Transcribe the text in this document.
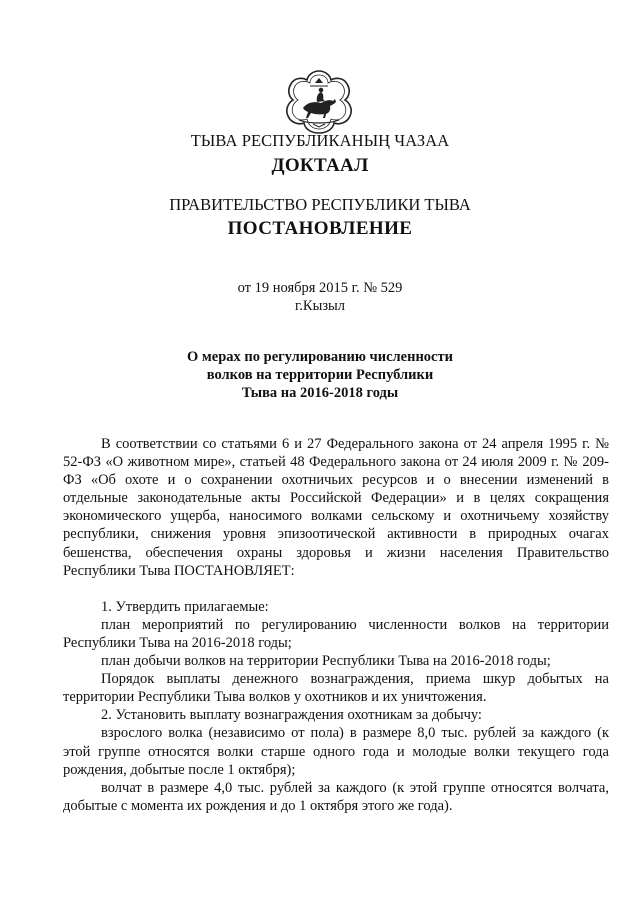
ТЫВА РЕСПУБЛИКАНЫҢ ЧАЗАА
ДОКТААЛ
ПРАВИТЕЛЬСТВО РЕСПУБЛИКИ ТЫВА
ПОСТАНОВЛЕНИЕ
от 19 ноября 2015 г. № 529
г.Кызыл
О мерах по регулированию численности
волков на территории Республики
Тыва на 2016-2018 годы

В соответствии со статьями 6 и 27 Федерального закона от 24 апреля 1995 г. № 52-ФЗ «О животном мире», статьей 48 Федерального закона от 24 июля 2009 г. № 209-ФЗ «Об охоте и о сохранении охотничьих ресурсов и о внесении изменений в отдельные законодательные акты Российской Федерации» и в целях сокращения экономического ущерба, наносимого волками сельскому и охотничьему хозяйству республики, снижения уровня эпизоотической активности в природных очагах бешенства, обеспечения охраны здоровья и жизни населения Правительство Республики Тыва ПОСТАНОВЛЯЕТ:

1. Утвердить прилагаемые:

план мероприятий по регулированию численности волков на территории Республики Тыва на 2016-2018 годы;

план добычи волков на территории Республики Тыва на 2016-2018 годы;

Порядок выплаты денежного вознаграждения, приема шкур добытых на территории Республики Тыва волков у охотников и их уничтожения.

2. Установить выплату вознаграждения охотникам за добычу:

взрослого волка (независимо от пола) в размере 8,0 тыс. рублей за каждого (к этой группе относятся волки старше одного года и молодые волки текущего года рождения, добытые после 1 октября);

волчат в размере 4,0 тыс. рублей за каждого (к этой группе относятся волчата, добытые с момента их рождения и до 1 октября этого же года).
